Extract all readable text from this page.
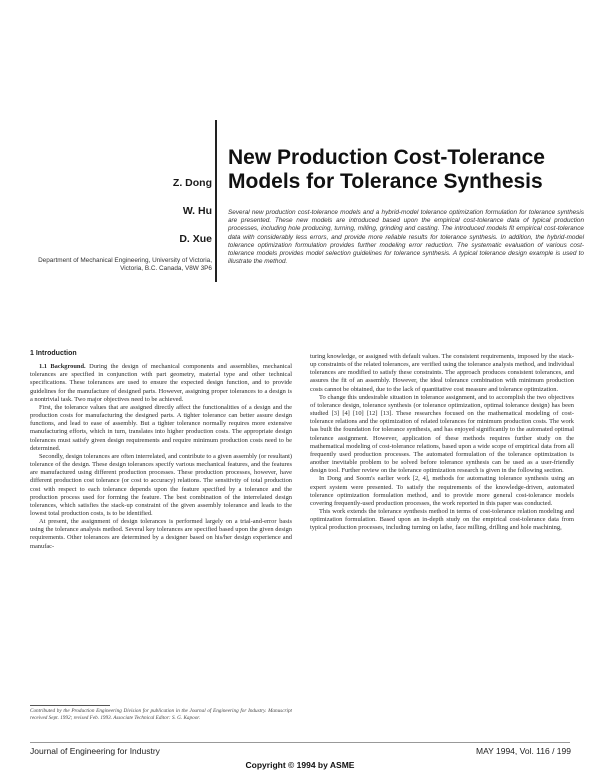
Z. Dong
W. Hu
D. Xue
Department of Mechanical Engineering, University of Victoria, Victoria, B.C. Canada, V8W 3P6
New Production Cost-Tolerance Models for Tolerance Synthesis
Several new production cost-tolerance models and a hybrid-model tolerance optimization formulation for tolerance synthesis are presented. These new models are introduced based upon the empirical cost-tolerance data of typical production processes, including hole producing, turning, milling, grinding and casting. The introduced models fit empirical cost-tolerance data with considerably less errors, and provide more reliable results for tolerance synthesis. In addition, the hybrid-model tolerance optimization formulation provides further modeling error reduction. The systematic evaluation of various cost-tolerance models provides model selection guidelines for tolerance synthesis. A typical tolerance design example is used to illustrate the method.
1 Introduction

1.1 Background. During the design of mechanical components and assemblies, mechanical tolerances are specified in conjunction with part geometry, material type and other technical specifications. These tolerances are used to ensure the expected design function, and to provide guidelines for the manufacture of designed parts. However, assigning proper tolerances to a design is a nontrivial task. Two major objectives need to be achieved.

First, the tolerance values that are assigned directly affect the functionalities of a design and the production costs for manufacturing the designed parts. A tighter tolerance can better assure design functions, and lead to ease of assembly. But a tighter tolerance normally requires more extensive manufacturing efforts, which in turn, translates into higher production costs. The appropriate design tolerances must satisfy given design requirements and require minimum production costs need to be determined.

Secondly, design tolerances are often interrelated, and contribute to a given assembly (or resultant) tolerance of the design. These design tolerances specify various mechanical features, and the features are manufactured using different production processes. These production processes, however, have different production cost tolerance (or cost to accuracy) relations. The sensitivity of total production cost with respect to each tolerance depends upon the feature specified by a tolerance and the production process used for forming the feature. The best combination of the interrelated design tolerances, which satisfies the stack-up constraint of the given assembly tolerance and leads to the lowest total production costs, is to be identified.

At present, the assignment of design tolerances is performed largely on a trial-and-error basis using the tolerance analysis method. Several key tolerances are specified based upon the given design requirements. Other tolerances are determined by a designer based on his/her design experience and manufac-

Contributed by the Production Engineering Division for publication in the Journal of Engineering for Industry. Manuscript received Sept. 1992; revised Feb. 1993. Associate Technical Editor: S. G. Kapoor.

turing knowledge, or assigned with default values. The consistent requirements, imposed by the stack-up constraints of the related tolerances, are verified using the tolerance analysis method, and individual tolerances are modified to satisfy these constraints. The approach produces consistent tolerances, and assures the fit of an assembly. However, the ideal tolerance combination with minimum production costs cannot be obtained, due to the lack of quantitative cost measure and tolerance optimization.

To change this undesirable situation in tolerance assignment, and to accomplish the two objectives of tolerance design, tolerance synthesis (or tolerance optimization, optimal tolerance design) has been studied [3] [4] [10] [12] [13]. These researches focused on the mathematical modeling of cost-tolerance relations and the optimization of related tolerances for minimum production costs. The work has built the foundation for tolerance synthesis, and has enjoyed significantly to the automated optimal tolerance assignment. However, application of these methods requires further study on the mathematical modeling of cost-tolerance relations, based upon a wide scope of empirical data from all frequently used production processes. The automated formulation of the tolerance optimization is another inevitable problem to be solved before tolerance synthesis can be used as a user-friendly design tool. Further review on the tolerance optimization research is given in the following section.

In Dong and Soom's earlier work [2, 4], methods for automating tolerance synthesis using an expert system were presented. To satisfy the requirements of the knowledge-driven, automated tolerance optimization formulation method, and to provide more general cost-tolerance models covering frequently-used production processes, the work reported in this paper was conducted.

This work extends the tolerance synthesis method in terms of cost-tolerance relation modeling and optimization formulation. Based upon an in-depth study on the empirical cost-tolerance data from typical production processes, including turning on lathe, face milling, drilling and hole machining,

Journal of Engineering for Industry	MAY 1994, Vol. 116 / 199
Copyright © 1994 by ASME
